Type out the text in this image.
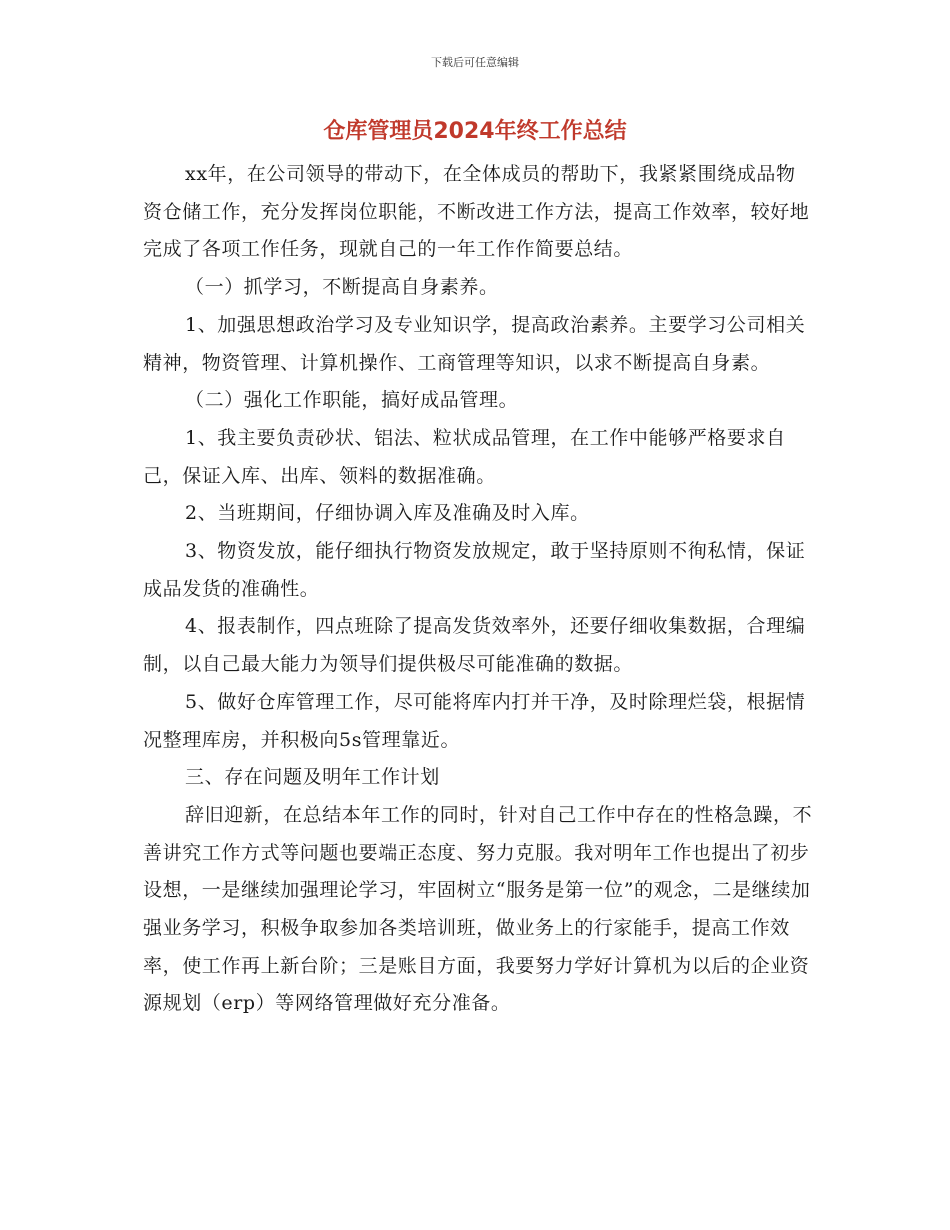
下载后可任意编辑
仓库管理员2024年终工作总结

xx年，在公司领导的带动下，在全体成员的帮助下，我紧紧围绕成品物资仓储工作，充分发挥岗位职能，不断改进工作方法，提高工作效率，较好地完成了各项工作任务，现就自己的一年工作作简要总结。

（一）抓学习，不断提高自身素养。

1、加强思想政治学习及专业知识学，提高政治素养。主要学习公司相关精神，物资管理、计算机操作、工商管理等知识，以求不断提高自身素。

（二）强化工作职能，搞好成品管理。

1、我主要负责砂状、铝法、粒状成品管理，在工作中能够严格要求自己，保证入库、出库、领料的数据准确。

2、当班期间，仔细协调入库及准确及时入库。

3、物资发放，能仔细执行物资发放规定，敢于坚持原则不徇私情，保证成品发货的准确性。

4、报表制作，四点班除了提高发货效率外，还要仔细收集数据，合理编制，以自己最大能力为领导们提供极尽可能准确的数据。

5、做好仓库管理工作，尽可能将库内打并干净，及时除理烂袋，根据情况整理库房，并积极向5s管理靠近。

三、存在问题及明年工作计划

辞旧迎新，在总结本年工作的同时，针对自己工作中存在的性格急躁，不善讲究工作方式等问题也要端正态度、努力克服。我对明年工作也提出了初步设想，一是继续加强理论学习，牢固树立“服务是第一位”的观念，二是继续加强业务学习，积极争取参加各类培训班，做业务上的行家能手，提高工作效率，使工作再上新台阶；三是账目方面，我要努力学好计算机为以后的企业资源规划（erp）等网络管理做好充分准备。
